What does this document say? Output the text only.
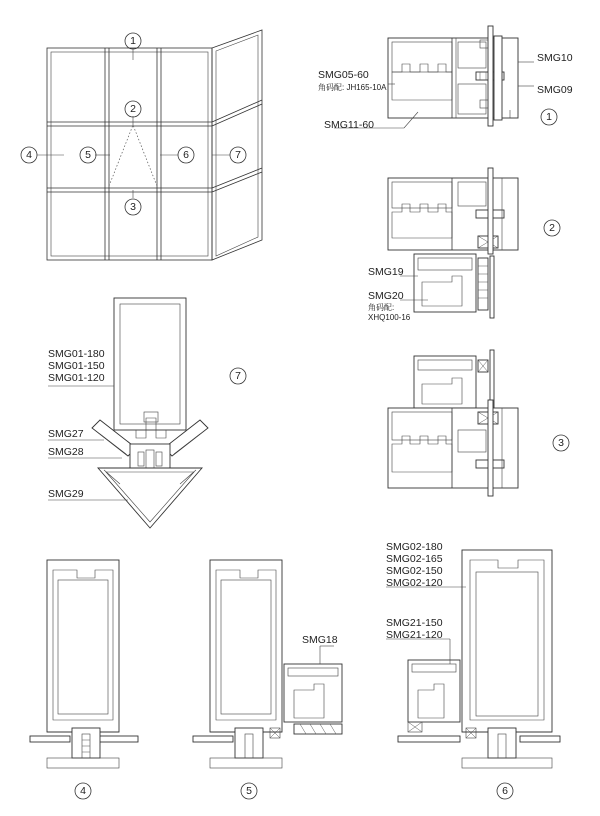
1
2
3
4	5	6	7
SMG05-60
角码配: JH165-10A
SMG10
SMG09
SMG11-60
1
SMG19
SMG20
角码配:
XHQ100-16
2
3
SMG01-180
SMG01-150
SMG01-120
SMG27
SMG28
SMG29
7
4
SMG18
5
SMG02-180
SMG02-165
SMG02-150
SMG02-120
SMG21-150
SMG21-120
6
